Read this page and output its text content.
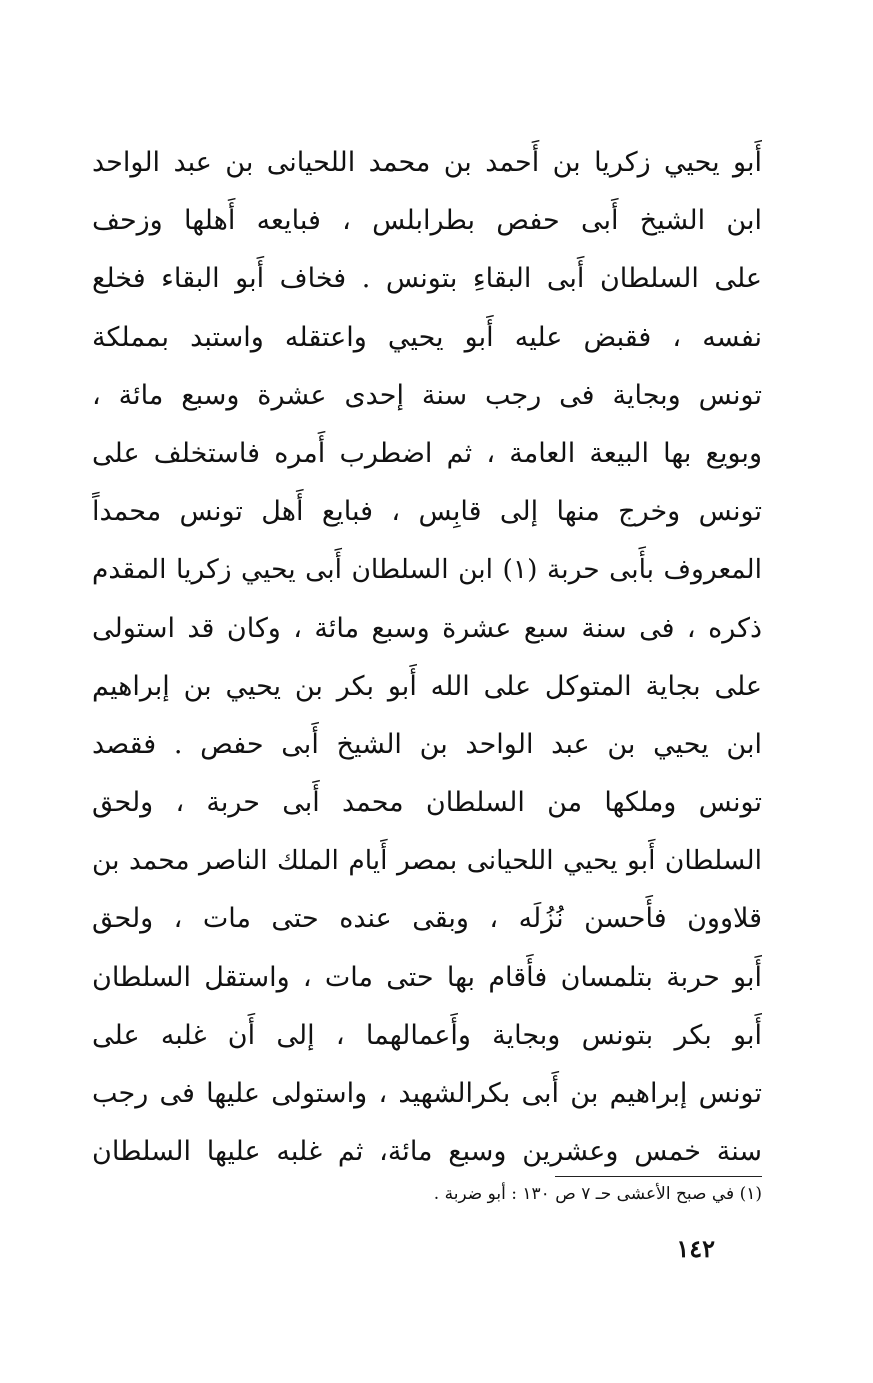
أَبو يحيي زكريا بن أَحمد بن محمد اللحيانى بن عبد الواحد
ابن الشيخ أَبى حفص بطرابلس ، فبايعه أَهلها وزحف
على السلطان أَبى البقاءِ بتونس . فخاف أَبو البقاء فخلع
نفسه ، فقبض عليه أَبو يحيي واعتقله واستبد بمملكة
تونس وبجاية فى رجب سنة إحدى عشرة وسبع مائة ،
وبويع بها البيعة العامة ، ثم اضطرب أَمره فاستخلف على
تونس وخرج منها إلى قابِس ، فبايع أَهل تونس محمداً
المعروف بأَبى حربة (١) ابن السلطان أَبى يحيي زكريا المقدم
ذكره ، فى سنة سبع عشرة وسبع مائة ، وكان قد استولى
على بجاية المتوكل على الله أَبو بكر بن يحيي بن إبراهيم
ابن يحيي بن عبد الواحد بن الشيخ أَبى حفص . فقصد
تونس وملكها من السلطان محمد أَبى حربة ، ولحق
السلطان أَبو يحيي اللحيانى بمصر أَيام الملك الناصر محمد بن
قلاوون فأَحسن نُزُلَه ، وبقى عنده حتى مات ، ولحق
أَبو حربة بتلمسان فأَقام بها حتى مات ، واستقل السلطان
أَبو بكر بتونس وبجاية وأَعمالهما ، إلى أَن غلبه على
تونس إبراهيم بن أَبى بكرالشهيد ، واستولى عليها فى رجب
سنة خمس وعشرين وسبع مائة، ثم غلبه عليها السلطان
(١) في صبح الأعشى حـ ٧ ص ١٣٠ : أبو ضربة .
١٤٢
